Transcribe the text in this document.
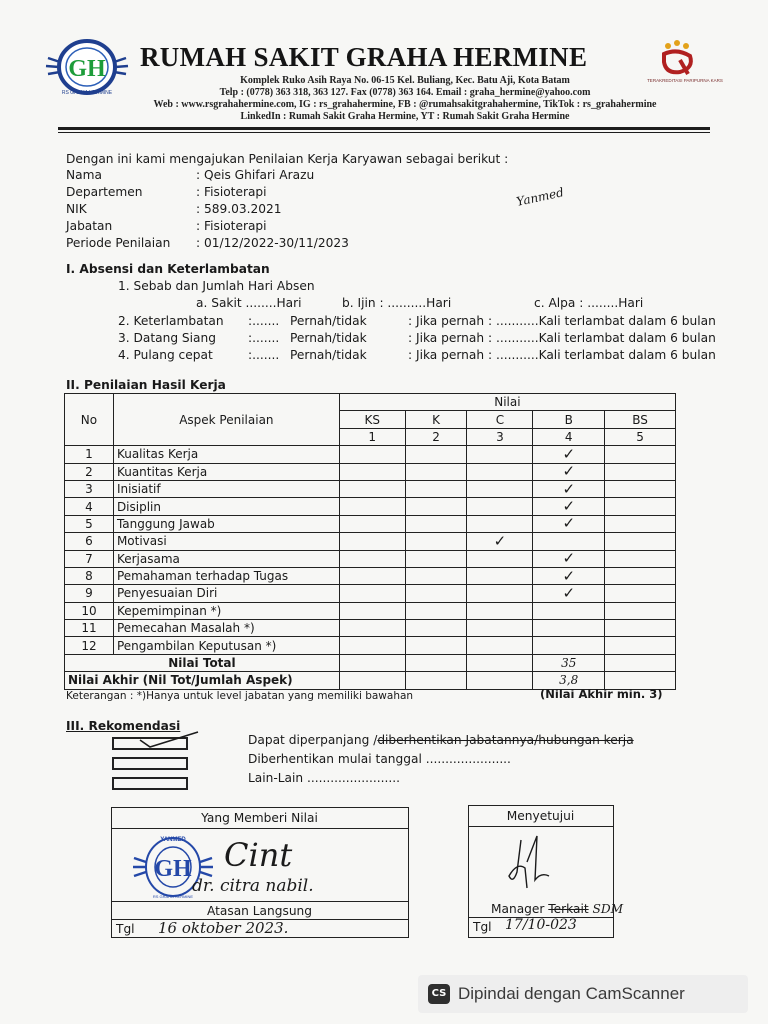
GH
RS GRAHA HERMINE
RUMAH SAKIT GRAHA HERMINE
Komplek Ruko Asih Raya No. 06-15 Kel. Buliang, Kec. Batu Aji, Kota Batam
Telp : (0778) 363 318, 363 127. Fax (0778) 363 164. Email : graha_hermine@yahoo.com
Web : www.rsgrahahermine.com, IG : rs_grahahermine, FB : @rumahsakitgrahahermine, TikTok : rs_grahahermine
LinkedIn : Rumah Sakit Graha Hermine, YT : Rumah Sakit Graha Hermine
TERAKREDITASI PARIPURNA KARS
Dengan ini kami mengajukan Penilaian Kerja Karyawan sebagai berikut :
Nama	: Qeis Ghifari Arazu
Departemen	: Fisioterapi
NIK	: 589.03.2021
Jabatan	: Fisioterapi
Periode Penilaian : 01/12/2022-30/11/2023
Yanmed
I. Absensi dan Keterlambatan
1. Sebab dan Jumlah Hari Absen
a. Sakit ........Hari	b. Ijin : ..........Hari	c. Alpa : ........Hari
2. Keterlambatan :....... Pernah/tidak	: Jika pernah : ...........Kali terlambat dalam 6 bulan
3. Datang Siang	:....... Pernah/tidak	: Jika pernah : ...........Kali terlambat dalam 6 bulan
4. Pulang cepat	:....... Pernah/tidak	: Jika pernah : ...........Kali terlambat dalam 6 bulan
II. Penilaian Hasil Kerja
No	Aspek Penilaian	Nilai				
		KS	K	C	B	BS
		1	2	3	4	5
1	Kualitas Kerja				✓	
2	Kuantitas Kerja				✓	
3	Inisiatif				✓	
4	Disiplin				✓	
5	Tanggung Jawab				✓	
6	Motivasi			✓		
7	Kerjasama				✓	
8	Pemahaman terhadap Tugas				✓	
9	Penyesuaian Diri				✓	
10	Kepemimpinan *)					
11	Pemecahan Masalah *)					
12	Pengambilan Keputusan *)					
Nilai Total					35	
Nilai Akhir (Nil Tot/Jumlah Aspek)					3,8	
Keterangan : *)Hanya untuk level jabatan yang memiliki bawahan	(Nilai Akhir min. 3)
III. Rekomendasi
Dapat diperpanjang /diberhentikan Jabatannya/hubungan kerja
Diberhentikan mulai tanggal ......................
Lain-Lain ........................
Yang Memberi Nilai
GH
YANMED
RS GRAHA HERMINE
Cint
dr. citra nabil.
Atasan Langsung
Tgl 16 oktober 2023.
Menyetujui
Manager Terkait SDM
Tgl 17/10-023
CS Dipindai dengan CamScanner
